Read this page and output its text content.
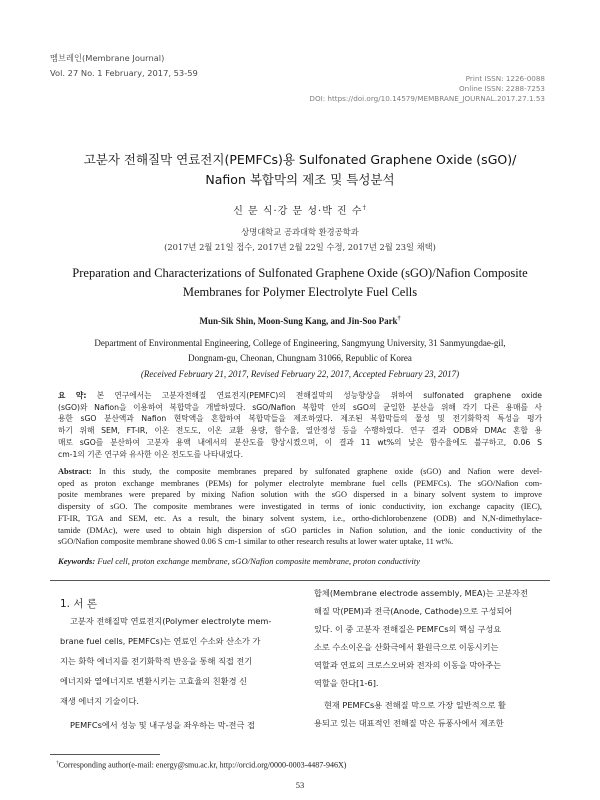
멤브레인(Membrane Journal)
Vol. 27 No. 1 February, 2017, 53-59
Print ISSN: 1226-0088
Online ISSN: 2288-7253
DOI: https://doi.org/10.14579/MEMBRANE_JOURNAL.2017.27.1.53
고분자 전해질막 연료전지(PEMFCs)용 Sulfonated Graphene Oxide (sGO)/
Nafion 복합막의 제조 및 특성분석
신 문 식·강 문 성·박 진 수†
상명대학교 공과대학 환경공학과
(2017년 2월 21일 접수, 2017년 2월 22일 수정, 2017년 2월 23일 채택)
Preparation and Characterizations of Sulfonated Graphene Oxide (sGO)/Nafion Composite
Membranes for Polymer Electrolyte Fuel Cells
Mun-Sik Shin, Moon-Sung Kang, and Jin-Soo Park†
Department of Environmental Engineering, College of Engineering, Sangmyung University, 31 Sanmyungdae-gil,
Dongnam-gu, Cheonan, Chungnam 31066, Republic of Korea
(Received February 21, 2017, Revised February 22, 2017, Accepted February 23, 2017)
요 약: 본 연구에서는 고분자전해질 연료전지(PEMFC)의 전해질막의 성능향상을 위하여 sulfonated graphene oxide
(sGO)와 Nafion을 이용하여 복합막을 개발하였다. sGO/Nafion 복합막 안의 sGO의 균일한 분산을 위해 각기 다른 용매를 사
용한 sGO 분산액과 Nafion 현탁액을 혼합하여 복합막들을 제조하였다. 제조된 복합막들의 물성 및 전기화학적 특성을 평가
하기 위해 SEM, FT-IR, 이온 전도도, 이온 교환 용량, 함수율, 열안정성 등을 수행하였다. 연구 결과 ODB와 DMAc 혼합 용
매로 sGO를 분산하여 고분자 용액 내에서의 분산도를 향상시켰으며, 이 결과 11 wt%의 낮은 함수율에도 불구하고, 0.06 S
cm-1의 기존 연구와 유사한 이온 전도도를 나타내었다.
Abstract: In this study, the composite membranes prepared by sulfonated graphene oxide (sGO) and Nafion were devel-
oped as proton exchange membranes (PEMs) for polymer electrolyte membrane fuel cells (PEMFCs). The sGO/Nafion com-
posite membranes were prepared by mixing Nafion solution with the sGO dispersed in a binary solvent system to improve
dispersity of sGO. The composite membranes were investigated in terms of ionic conductivity, ion exchange capacity (IEC),
FT-IR, TGA and SEM, etc. As a result, the binary solvent system, i.e., ortho-dichlorobenzene (ODB) and N,N-dimethylace-
tamide (DMAc), were used to obtain high dispersion of sGO particles in Nafion solution, and the ionic conductivity of the
sGO/Nafion composite membrane showed 0.06 S cm-1 similar to other research results at lower water uptake, 11 wt%.
Keywords: Fuel cell, proton exchange membrane, sGO/Nafion composite membrane, proton conductivity
1. 서 론
고분자 전해질막 연료전지(Polymer electrolyte mem-
brane fuel cells, PEMFCs)는 연료인 수소와 산소가 가
지는 화학 에너지를 전기화학적 반응을 통해 직접 전기
에너지와 열에너지로 변환시키는 고효율의 친환경 신
재생 에너지 기술이다.
PEMFCs에서 성능 및 내구성을 좌우하는 막-전극 접
합체(Membrane electrode assembly, MEA)는 고분자전
해질 막(PEM)과 전극(Anode, Cathode)으로 구성되어
있다. 이 중 고분자 전해질은 PEMFCs의 핵심 구성요
소로 수소이온을 산화극에서 환원극으로 이동시키는
역할과 연료의 크로스오버와 전자의 이동을 막아주는
역할을 한다[1-6].
현재 PEMFCs용 전해질 막으로 가장 일반적으로 활
용되고 있는 대표적인 전해질 막은 듀퐁사에서 제조한
†Corresponding author(e-mail: energy@smu.ac.kr, http://orcid.org/0000-0003-4487-946X)
53
